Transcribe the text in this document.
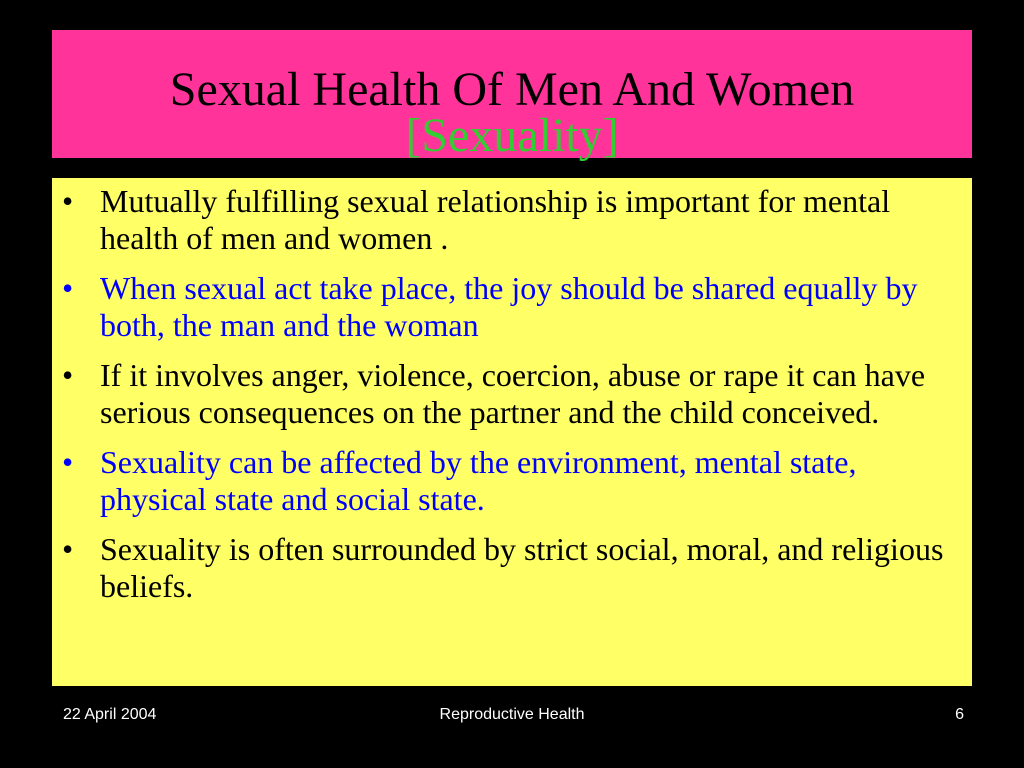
Sexual Health Of Men And Women
[Sexuality]
• Mutually fulfilling sexual relationship is important for mental health of men and women .
• When sexual act take place, the joy should be shared equally by both, the man and the woman
• If it involves anger, violence, coercion, abuse or rape it can have serious consequences on the partner and the child conceived.
• Sexuality can be affected by the environment, mental state, physical state and social state.
• Sexuality is often surrounded by strict social, moral, and religious beliefs.
22 April 2004	Reproductive Health	6
